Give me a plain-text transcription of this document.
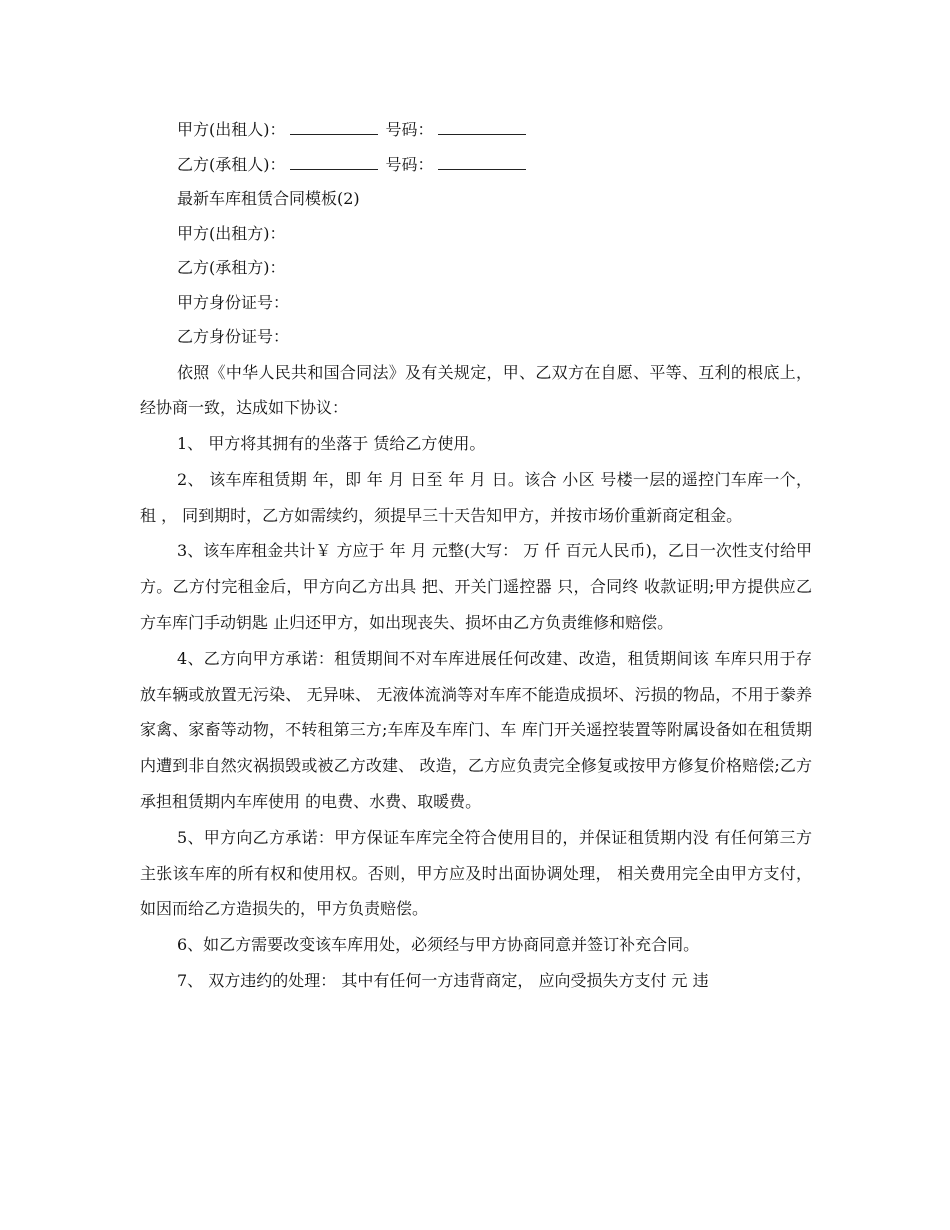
甲方(出租人)：	号码：
乙方(承租人)：	号码：
最新车库租赁合同模板(2)
甲方(出租方)：
乙方(承租方)：
甲方身份证号：
乙方身份证号：

依照《中华人民共和国合同法》及有关规定，甲、乙双方在自愿、平等、互利的根底上，经协商一致，达成如下协议：

1、 甲方将其拥有的坐落于 赁给乙方使用。

2、 该车库租赁期 年，即 年 月 日至 年 月 日。该合 小区 号楼一层的遥控门车库一个， 租 ， 同到期时，乙方如需续约，须提早三十天告知甲方，并按市场价重新商定租金。

3、该车库租金共计￥ 方应于 年 月 元整(大写： 万 仟 百元人民币)，乙日一次性支付给甲方。乙方付完租金后，甲方向乙方出具 把、开关门遥控器 只，合同终 收款证明;甲方提供应乙方车库门手动钥匙 止归还甲方，如出现丧失、损坏由乙方负责维修和赔偿。

4、乙方向甲方承诺：租赁期间不对车库进展任何改建、改造，租赁期间该 车库只用于存放车辆或放置无污染、 无异味、 无液体流淌等对车库不能造成损坏、污损的物品，不用于豢养家禽、家畜等动物，不转租第三方;车库及车库门、车 库门开关遥控装置等附属设备如在租赁期内遭到非自然灾祸损毁或被乙方改建、 改造，乙方应负责完全修复或按甲方修复价格赔偿;乙方承担租赁期内车库使用 的电费、水费、取暖费。

5、甲方向乙方承诺：甲方保证车库完全符合使用目的，并保证租赁期内没 有任何第三方主张该车库的所有权和使用权。否则，甲方应及时出面协调处理， 相关费用完全由甲方支付，如因而给乙方造损失的，甲方负责赔偿。

6、如乙方需要改变该车库用处，必须经与甲方协商同意并签订补充合同。

7、 双方违约的处理： 其中有任何一方违背商定， 应向受损失方支付 元 违
